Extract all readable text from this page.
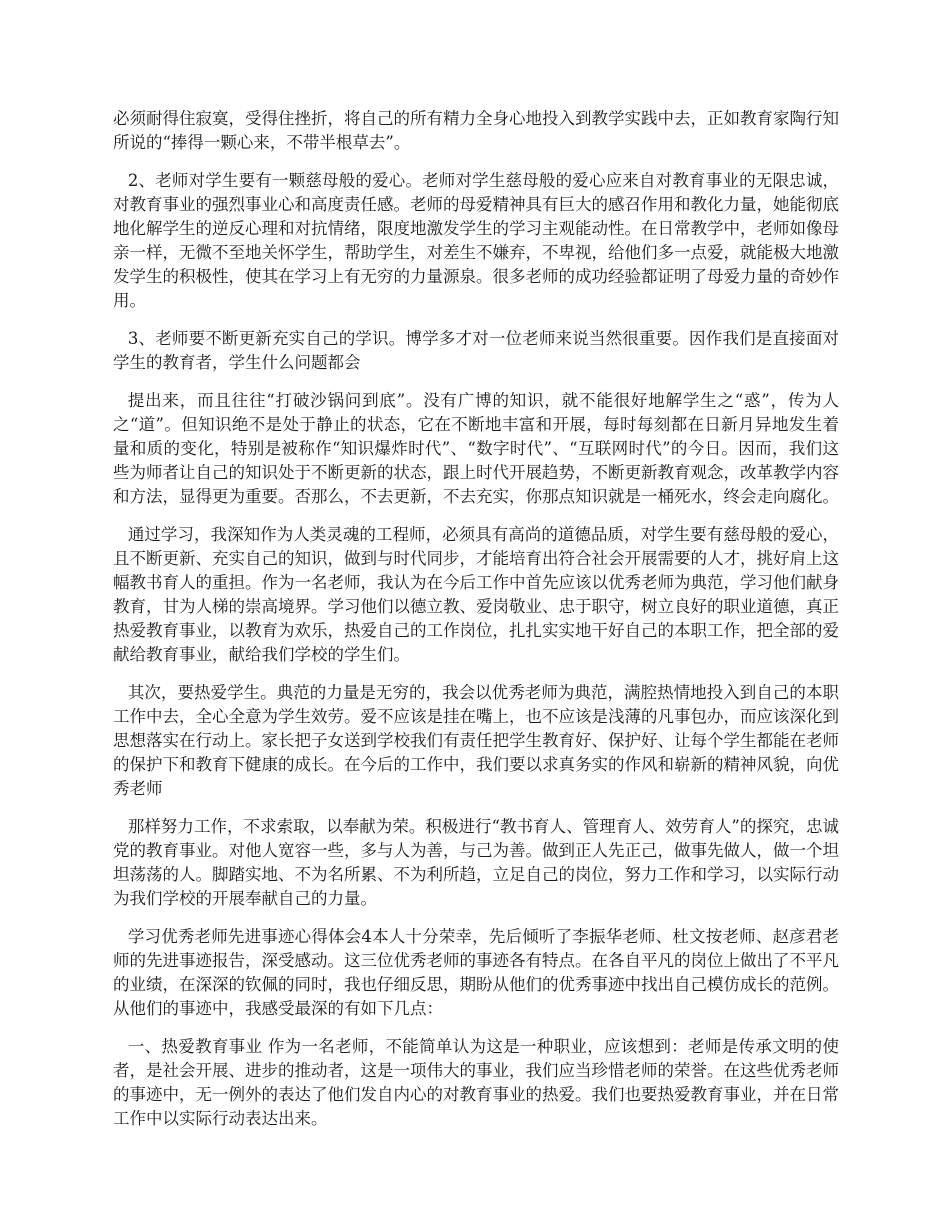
必须耐得住寂寞，受得住挫折，将自己的所有精力全身心地投入到教学实践中去，正如教育家陶行知所说的“捧得一颗心来，不带半根草去”。

2、老师对学生要有一颗慈母般的爱心。老师对学生慈母般的爱心应来自对教育事业的无限忠诚，对教育事业的强烈事业心和高度责任感。老师的母爱精神具有巨大的感召作用和教化力量，她能彻底地化解学生的逆反心理和对抗情绪，限度地激发学生的学习主观能动性。在日常教学中，老师如像母亲一样，无微不至地关怀学生，帮助学生，对差生不嫌弃，不卑视，给他们多一点爱，就能极大地激发学生的积极性，使其在学习上有无穷的力量源泉。很多老师的成功经验都证明了母爱力量的奇妙作用。

3、老师要不断更新充实自己的学识。博学多才对一位老师来说当然很重要。因作我们是直接面对学生的教育者，学生什么问题都会

提出来，而且往往“打破沙锅问到底”。没有广博的知识，就不能很好地解学生之“惑”，传为人之“道”。但知识绝不是处于静止的状态，它在不断地丰富和开展，每时每刻都在日新月异地发生着量和质的变化，特别是被称作“知识爆炸时代”、“数字时代”、“互联网时代”的今日。因而，我们这些为师者让自己的知识处于不断更新的状态，跟上时代开展趋势，不断更新教育观念，改革教学内容和方法，显得更为重要。否那么，不去更新，不去充实，你那点知识就是一桶死水，终会走向腐化。

通过学习，我深知作为人类灵魂的工程师，必须具有高尚的道德品质，对学生要有慈母般的爱心，且不断更新、充实自己的知识，做到与时代同步，才能培育出符合社会开展需要的人才，挑好肩上这幅教书育人的重担。作为一名老师，我认为在今后工作中首先应该以优秀老师为典范，学习他们献身教育，甘为人梯的崇高境界。学习他们以德立教、爱岗敬业、忠于职守，树立良好的职业道德，真正热爱教育事业，以教育为欢乐，热爱自己的工作岗位，扎扎实实地干好自己的本职工作，把全部的爱献给教育事业，献给我们学校的学生们。

其次，要热爱学生。典范的力量是无穷的，我会以优秀老师为典范，满腔热情地投入到自己的本职工作中去，全心全意为学生效劳。爱不应该是挂在嘴上，也不应该是浅薄的凡事包办，而应该深化到思想落实在行动上。家长把子女送到学校我们有责任把学生教育好、保护好、让每个学生都能在老师的保护下和教育下健康的成长。在今后的工作中，我们要以求真务实的作风和崭新的精神风貌，向优秀老师

那样努力工作，不求索取，以奉献为荣。积极进行“教书育人、管理育人、效劳育人”的探究，忠诚党的教育事业。对他人宽容一些，多与人为善，与己为善。做到正人先正己，做事先做人，做一个坦坦荡荡的人。脚踏实地、不为名所累、不为利所趋，立足自己的岗位，努力工作和学习，以实际行动为我们学校的开展奉献自己的力量。

学习优秀老师先进事迹心得体会4本人十分荣幸，先后倾听了李振华老师、杜文按老师、赵彦君老师的先进事迹报告，深受感动。这三位优秀老师的事迹各有特点。在各自平凡的岗位上做出了不平凡的业绩，在深深的钦佩的同时，我也仔细反思，期盼从他们的优秀事迹中找出自己模仿成长的范例。从他们的事迹中，我感受最深的有如下几点：

一、热爱教育事业 作为一名老师，不能简单认为这是一种职业，应该想到：老师是传承文明的使者，是社会开展、进步的推动者，这是一项伟大的事业，我们应当珍惜老师的荣誉。在这些优秀老师的事迹中，无一例外的表达了他们发自内心的对教育事业的热爱。我们也要热爱教育事业，并在日常工作中以实际行动表达出来。
